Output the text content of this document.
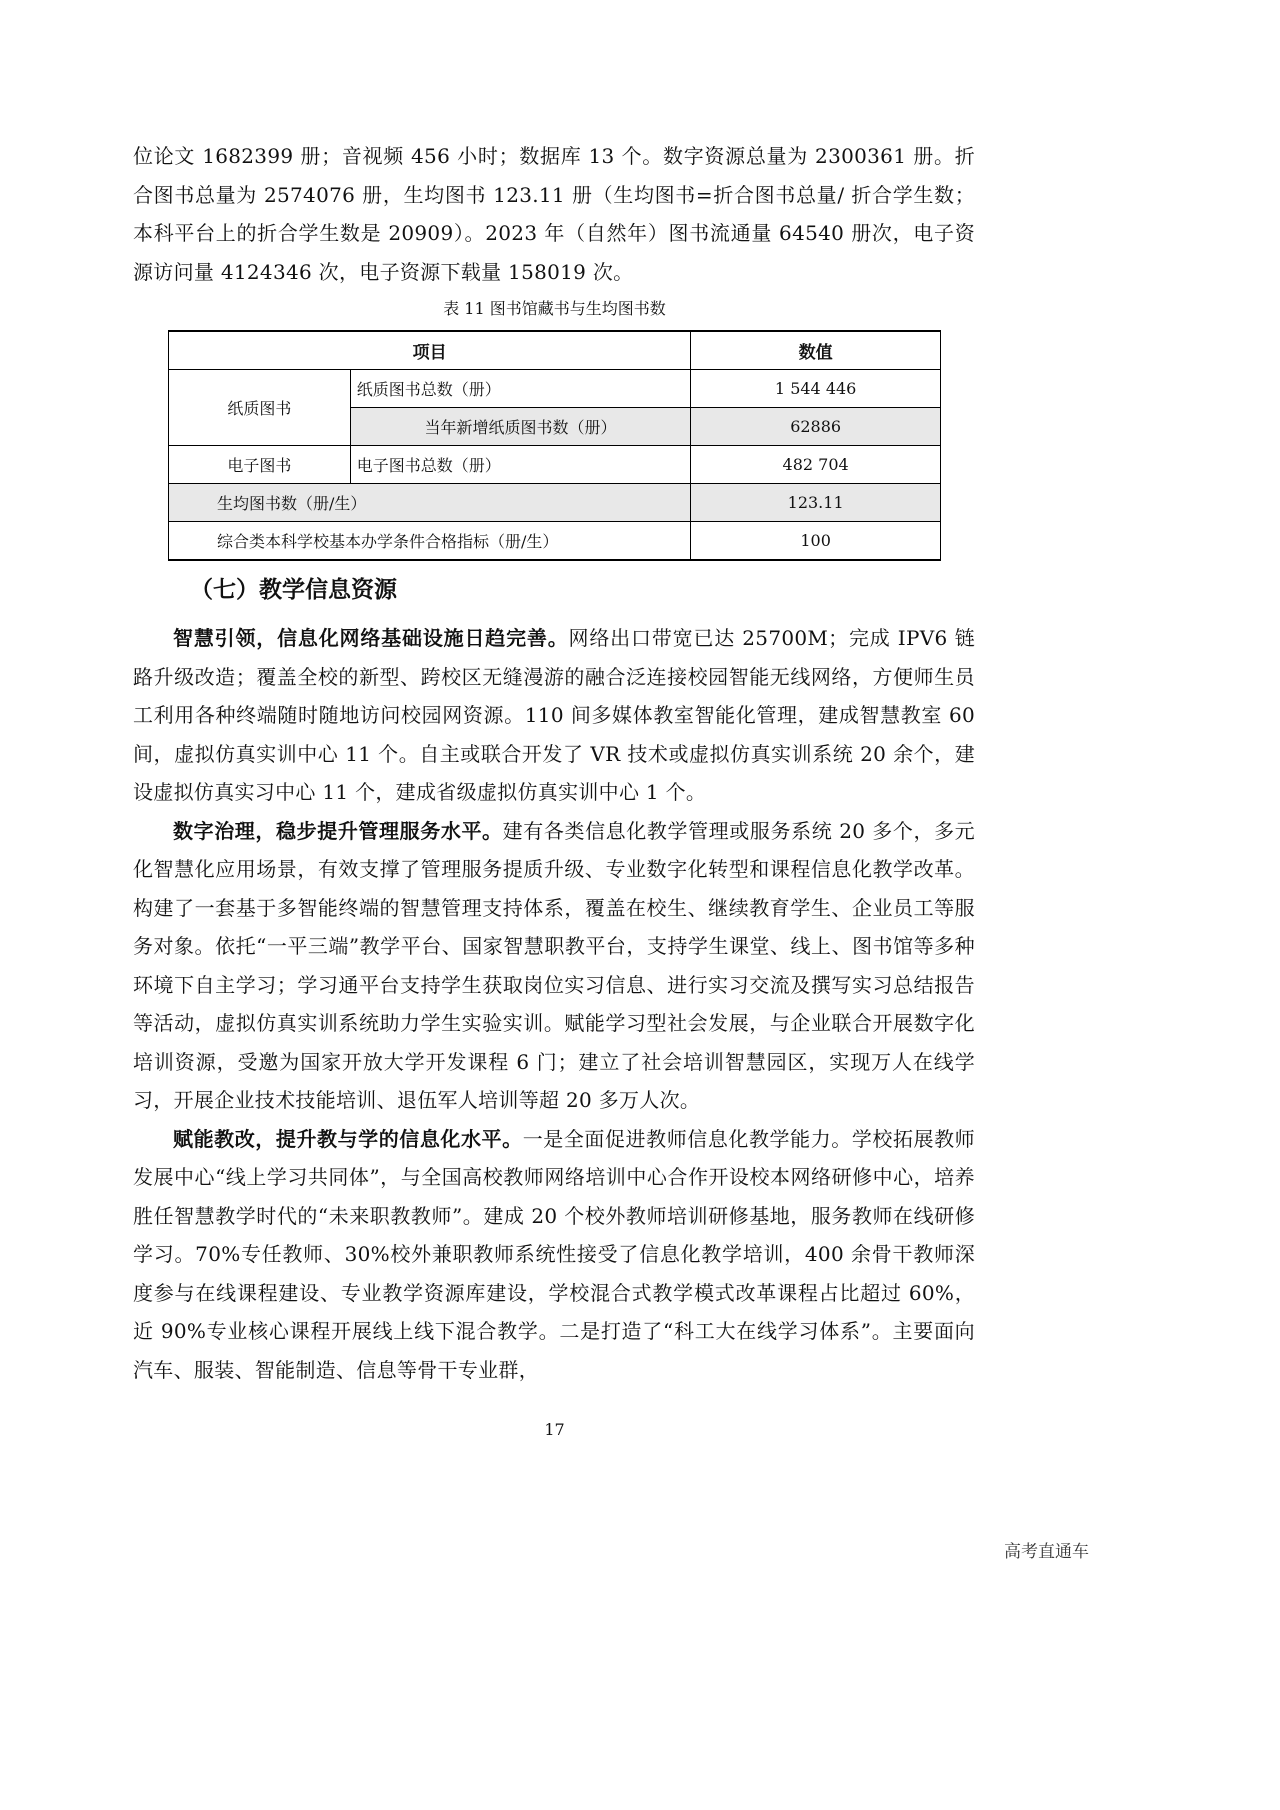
位论文 1682399 册；音视频 456 小时；数据库 13 个。数字资源总量为 2300361 册。折合图书总量为 2574076 册，生均图书 123.11 册（生均图书=折合图书总量/ 折合学生数；本科平台上的折合学生数是 20909）。2023 年（自然年）图书流通量 64540 册次，电子资源访问量 4124346 次，电子资源下载量 158019 次。

表 11 图书馆藏书与生均图书数
项目		数值
纸质图书	纸质图书总数（册）	1 544 446
	当年新增纸质图书数（册）	62886
电子图书	电子图书总数（册）	482 704
生均图书数（册/生）		123.11
综合类本科学校基本办学条件合格指标（册/生）		100
（七）教学信息资源

智慧引领，信息化网络基础设施日趋完善。网络出口带宽已达 25700M；完成 IPV6 链路升级改造；覆盖全校的新型、跨校区无缝漫游的融合泛连接校园智能无线网络，方便师生员工利用各种终端随时随地访问校园网资源。110 间多媒体教室智能化管理，建成智慧教室 60 间，虚拟仿真实训中心 11 个。自主或联合开发了 VR 技术或虚拟仿真实训系统 20 余个，建设虚拟仿真实习中心 11 个，建成省级虚拟仿真实训中心 1 个。

数字治理，稳步提升管理服务水平。建有各类信息化教学管理或服务系统 20 多个，多元化智慧化应用场景，有效支撑了管理服务提质升级、专业数字化转型和课程信息化教学改革。构建了一套基于多智能终端的智慧管理支持体系，覆盖在校生、继续教育学生、企业员工等服务对象。依托“一平三端”教学平台、国家智慧职教平台，支持学生课堂、线上、图书馆等多种环境下自主学习；学习通平台支持学生获取岗位实习信息、进行实习交流及撰写实习总结报告等活动，虚拟仿真实训系统助力学生实验实训。赋能学习型社会发展，与企业联合开展数字化培训资源，受邀为国家开放大学开发课程 6 门；建立了社会培训智慧园区，实现万人在线学习，开展企业技术技能培训、退伍军人培训等超 20 多万人次。

赋能教改，提升教与学的信息化水平。一是全面促进教师信息化教学能力。学校拓展教师发展中心“线上学习共同体”，与全国高校教师网络培训中心合作开设校本网络研修中心，培养胜任智慧教学时代的“未来职教教师”。建成 20 个校外教师培训研修基地，服务教师在线研修学习。70%专任教师、30%校外兼职教师系统性接受了信息化教学培训，400 余骨干教师深度参与在线课程建设、专业教学资源库建设，学校混合式教学模式改革课程占比超过 60%，近 90%专业核心课程开展线上线下混合教学。二是打造了“科工大在线学习体系”。主要面向汽车、服装、智能制造、信息等骨干专业群，

17
高考直通车
